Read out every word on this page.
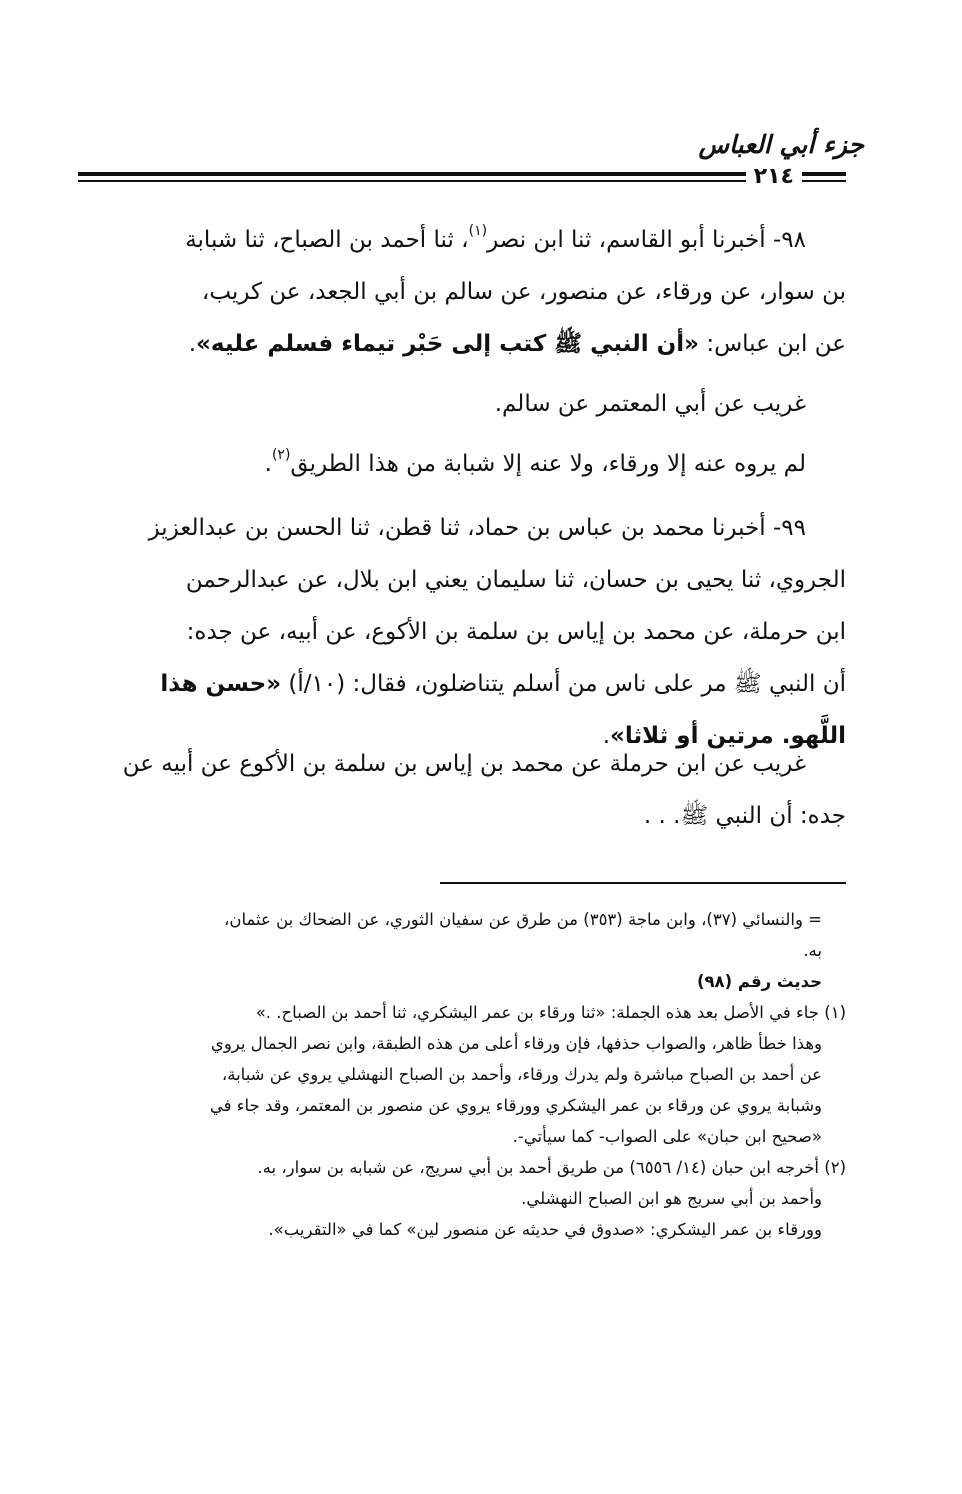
جزء أبي العباس
٢١٤
٩٨- أخبرنا أبو القاسم، ثنا ابن نصر$^{(١)}$، ثنا أحمد بن الصباح، ثنا شبابة
بن سوار، عن ورقاء، عن منصور، عن سالم بن أبي الجعد، عن كريب،
عن ابن عباس: «أن النبي ﷺ كتب إلى حَبْر تيماء فسلم عليه».
غريب عن أبي المعتمر عن سالم.
لم يروه عنه إلا ورقاء، ولا عنه إلا شبابة من هذا الطريق$^{(٢)}$.
٩٩- أخبرنا محمد بن عباس بن حماد، ثنا قطن، ثنا الحسن بن عبدالعزيز
الجروي، ثنا يحيى بن حسان، ثنا سليمان يعني ابن بلال، عن عبدالرحمن
ابن حرملة، عن محمد بن إياس بن سلمة بن الأكوع، عن أبيه، عن جده:
أن النبي ﷺ مر على ناس من أسلم يتناضلون، فقال: (١٠/أ) «حسن هذا
اللَّهو. مرتين أو ثلاثا».
غريب عن ابن حرملة عن محمد بن إياس بن سلمة بن الأكوع عن أبيه عن
جده: أن النبي ﷺ. . .
= والنسائي (٣٧)، وابن ماجة (٣٥٣) من طرق عن سفيان الثوري، عن الضحاك بن عثمان،
به.
حديث رقم (٩٨)
(١) جاء في الأصل بعد هذه الجملة: «ثنا ورقاء بن عمر اليشكري، ثنا أحمد بن الصباح. .»
وهذا خطأ ظاهر، والصواب حذفها، فإن ورقاء أعلى من هذه الطبقة، وابن نصر الجمال يروي
عن أحمد بن الصباح مباشرة ولم يدرك ورقاء، وأحمد بن الصباح النهشلي يروي عن شبابة،
وشبابة يروي عن ورقاء بن عمر اليشكري وورقاء يروي عن منصور بن المعتمر، وقد جاء في
«صحيح ابن حبان» على الصواب- كما سيأتي-.
(٢) أخرجه ابن حبان (١٤/ ٦٥٥٦) من طريق أحمد بن أبي سريج، عن شبابه بن سوار، به.
وأحمد بن أبي سريج هو ابن الصباح النهشلي.
وورقاء بن عمر اليشكري: «صدوق في حديثه عن منصور لين» كما في «التقريب».
